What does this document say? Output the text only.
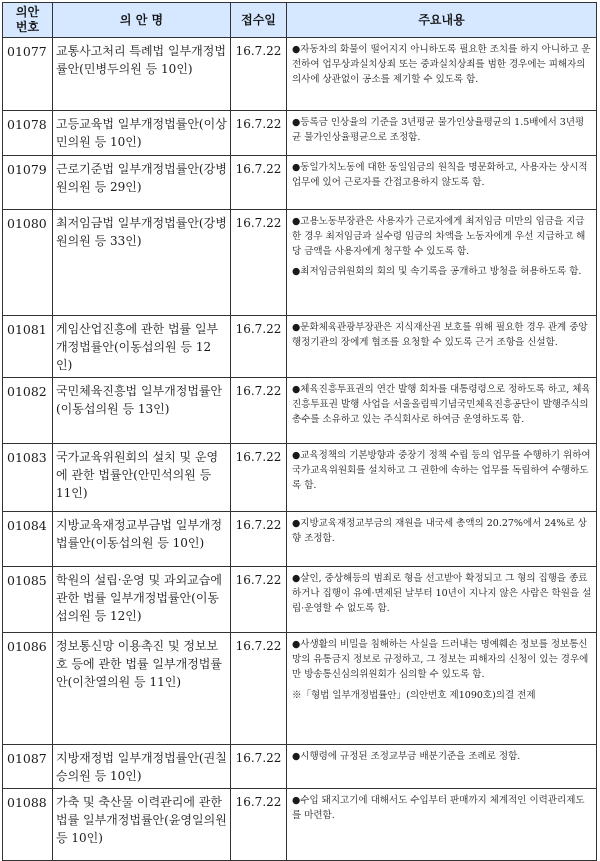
의안
번호	의 안 명	접수일	주요내용
01077	교통사고처리 특례법 일부개정법률안(민병두의원 등 10인)	16.7.22	●자동차의 화물이 떨어지지 아니하도록 필요한 조치를 하지 아니하고 운전하여 업무상과실치상죄 또는 중과실치상죄를 범한 경우에는 피해자의 의사에 상관없이 공소를 제기할 수 있도록 함.

01078	고등교육법 일부개정법률안(이상민의원 등 10인)	16.7.22	●등록금 인상율의 기준을 3년평균 물가인상율평균의 1.5배에서 3년평균 물가인상율평균으로 조정함.

01079	근로기준법 일부개정법률안(강병원의원 등 29인)	16.7.22	●동일가치노동에 대한 동일임금의 원칙을 명문화하고, 사용자는 상시적 업무에 있어 근로자를 간접고용하지 않도록 함.

01080	최저임금법 일부개정법률안(강병원의원 등 33인)	16.7.22	●고용노동부장관은 사용자가 근로자에게 최저임금 미만의 임금을 지급한 경우 최저임금과 실수령 임금의 차액을 노동자에게 우선 지급하고 해당 금액을 사용자에게 청구할 수 있도록 함.
●최저임금위원회의 회의 및 속기록을 공개하고 방청을 허용하도록 함.

01081	게임산업진흥에 관한 법률 일부개정법률안(이동섭의원 등 12인)	16.7.22	●문화체육관광부장관은 지식재산권 보호를 위해 필요한 경우 관계 중앙행정기관의 장에게 협조를 요청할 수 있도록 근거 조항을 신설함.

01082	국민체육진흥법 일부개정법률안(이동섭의원 등 13인)	16.7.22	●체육진흥투표권의 연간 발행 회차를 대통령령으로 정하도록 하고, 체육진흥투표권 발행 사업을 서울올림픽기념국민체육진흥공단이 발행주식의 총수를 소유하고 있는 주식회사로 하여금 운영하도록 함.

01083	국가교육위원회의 설치 및 운영에 관한 법률안(안민석의원 등 11인)	16.7.22	●교육정책의 기본방향과 중장기 정책 수립 등의 업무를 수행하기 위하여 국가교육위원회를 설치하고 그 권한에 속하는 업무를 독립하여 수행하도록 함.

01084	지방교육재정교부금법 일부개정법률안(이동섭의원 등 10인)	16.7.22	●지방교육재정교부금의 재원을 내국세 총액의 20.27%에서 24%로 상향 조정함.

01085	학원의 설립·운영 및 과외교습에 관한 법률 일부개정법률안(이동섭의원 등 12인)	16.7.22	●살인, 중상해등의 범죄로 형을 선고받아 확정되고 그 형의 집행을 종료하거나 집행이 유예·면제된 날부터 10년이 지나지 않은 사람은 학원을 설립·운영할 수 없도록 함.

01086	정보통신망 이용촉진 및 정보보호 등에 관한 법률 일부개정법률안(이찬열의원 등 11인)	16.7.22	●사생활의 비밀을 침해하는 사실을 드러내는 명예훼손 정보를 정보통신망의 유통금지 정보로 규정하고, 그 정보는 피해자의 신청이 있는 경우에만 방송통신심의위원회가 심의할 수 있도록 함.
※「형법 일부개정법률안」(의안번호 제1090호)의결 전제

01087	지방재정법 일부개정법률안(권칠승의원 등 10인)	16.7.22	●시행령에 규정된 조정교부금 배분기준을 조례로 정함.

01088	가축 및 축산물 이력관리에 관한 법률 일부개정법률안(윤영일의원 등 10인)	16.7.22	●수입 돼지고기에 대해서도 수입부터 판매까지 체계적인 이력관리제도를 마련함.
